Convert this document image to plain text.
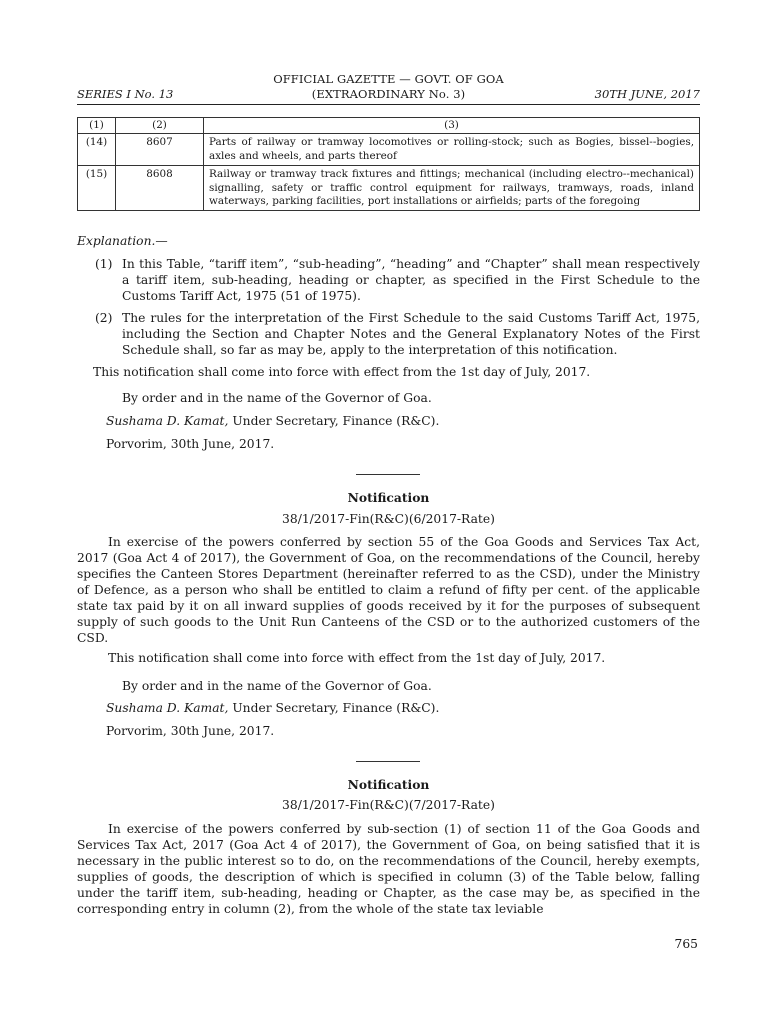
OFFICIAL GAZETTE — GOVT. OF GOA
(EXTRAORDINARY No. 3)
SERIES I No. 13	30TH JUNE, 2017
(1)	(2)	(3)
(14)	8607	Parts of railway or tramway locomotives or rolling-stock; such as Bogies, bissel--bogies, axles and wheels, and parts thereof
(15)	8608	Railway or tramway track fixtures and fittings; mechanical (including electro--mechanical) signalling, safety or traffic control equipment for railways, tramways, roads, inland waterways, parking facilities, port installations or airfields; parts of the foregoing
Explanation.—
(1) In this Table, “tariff item”, “sub-heading”, “heading” and “Chapter” shall mean respectively a tariff item, sub-heading, heading or chapter, as specified in the First Schedule to the Customs Tariff Act, 1975 (51 of 1975).
(2) The rules for the interpretation of the First Schedule to the said Customs Tariff Act, 1975, including the Section and Chapter Notes and the General Explanatory Notes of the First Schedule shall, so far as may be, apply to the interpretation of this notification.
This notification shall come into force with effect from the 1st day of July, 2017.
By order and in the name of the Governor of Goa.
Sushama D. Kamat, Under Secretary, Finance (R&C).
Porvorim, 30th June, 2017.
Notification
38/1/2017-Fin(R&C)(6/2017-Rate)
In exercise of the powers conferred by section 55 of the Goa Goods and Services Tax Act, 2017 (Goa Act 4 of 2017), the Government of Goa, on the recommendations of the Council, hereby specifies the Canteen Stores Department (hereinafter referred to as the CSD), under the Ministry of Defence, as a person who shall be entitled to claim a refund of fifty per cent. of the applicable state tax paid by it on all inward supplies of goods received by it for the purposes of subsequent supply of such goods to the Unit Run Canteens of the CSD or to the authorized customers of the CSD.
This notification shall come into force with effect from the 1st day of July, 2017.
By order and in the name of the Governor of Goa.
Sushama D. Kamat, Under Secretary, Finance (R&C).
Porvorim, 30th June, 2017.
Notification
38/1/2017-Fin(R&C)(7/2017-Rate)
In exercise of the powers conferred by sub-section (1) of section 11 of the Goa Goods and Services Tax Act, 2017 (Goa Act 4 of 2017), the Government of Goa, on being satisfied that it is necessary in the public interest so to do, on the recommendations of the Council, hereby exempts, supplies of goods, the description of which is specified in column (3) of the Table below, falling under the tariff item, sub-heading, heading or Chapter, as the case may be, as specified in the corresponding entry in column (2), from the whole of the state tax leviable
765
